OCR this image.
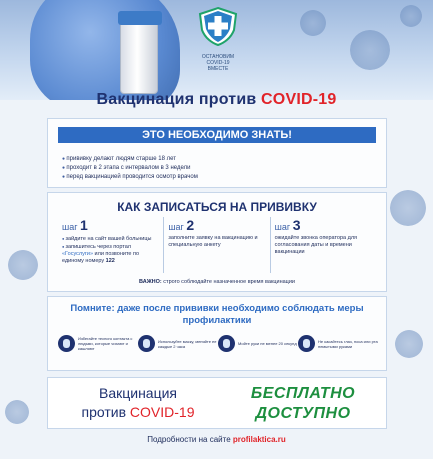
ОСТАНОВИМ
COVID-19
ВМЕСТЕ
Вакцинация против COVID-19
ЭТО НЕОБХОДИМО ЗНАТЬ!
● прививку делают людям старше 18 лет
● проходит в 2 этапа с интервалом в 3 недели
● перед вакцинацией проводится осмотр врачом
КАК ЗАПИСАТЬСЯ НА ПРИВИВКУ
шаг 1
● зайдите на сайт вашей больницы
● запишитесь через портал «Госуслуги» или позвоните по единому номеру 122
шаг 2

заполните заявку на вакцинацию и специальную анкету

шаг 3

ожидайте звонка оператора для согласования даты и времени вакцинации

ВАЖНО: строго соблюдайте назначенное время вакцинации
Помните: даже после прививки необходимо соблюдать меры профилактики
Избегайте тесного контакта с людьми, которые чихают и кашляют
Используйте маску, меняйте ее каждые 2 часа	Мойте руки не менее 20 секунд	Не касайтесь глаз, носа или рта немытыми руками
Вакцинация
против COVID-19
БЕСПЛАТНО
ДОСТУПНО
Подробности на сайте profilaktica.ru
